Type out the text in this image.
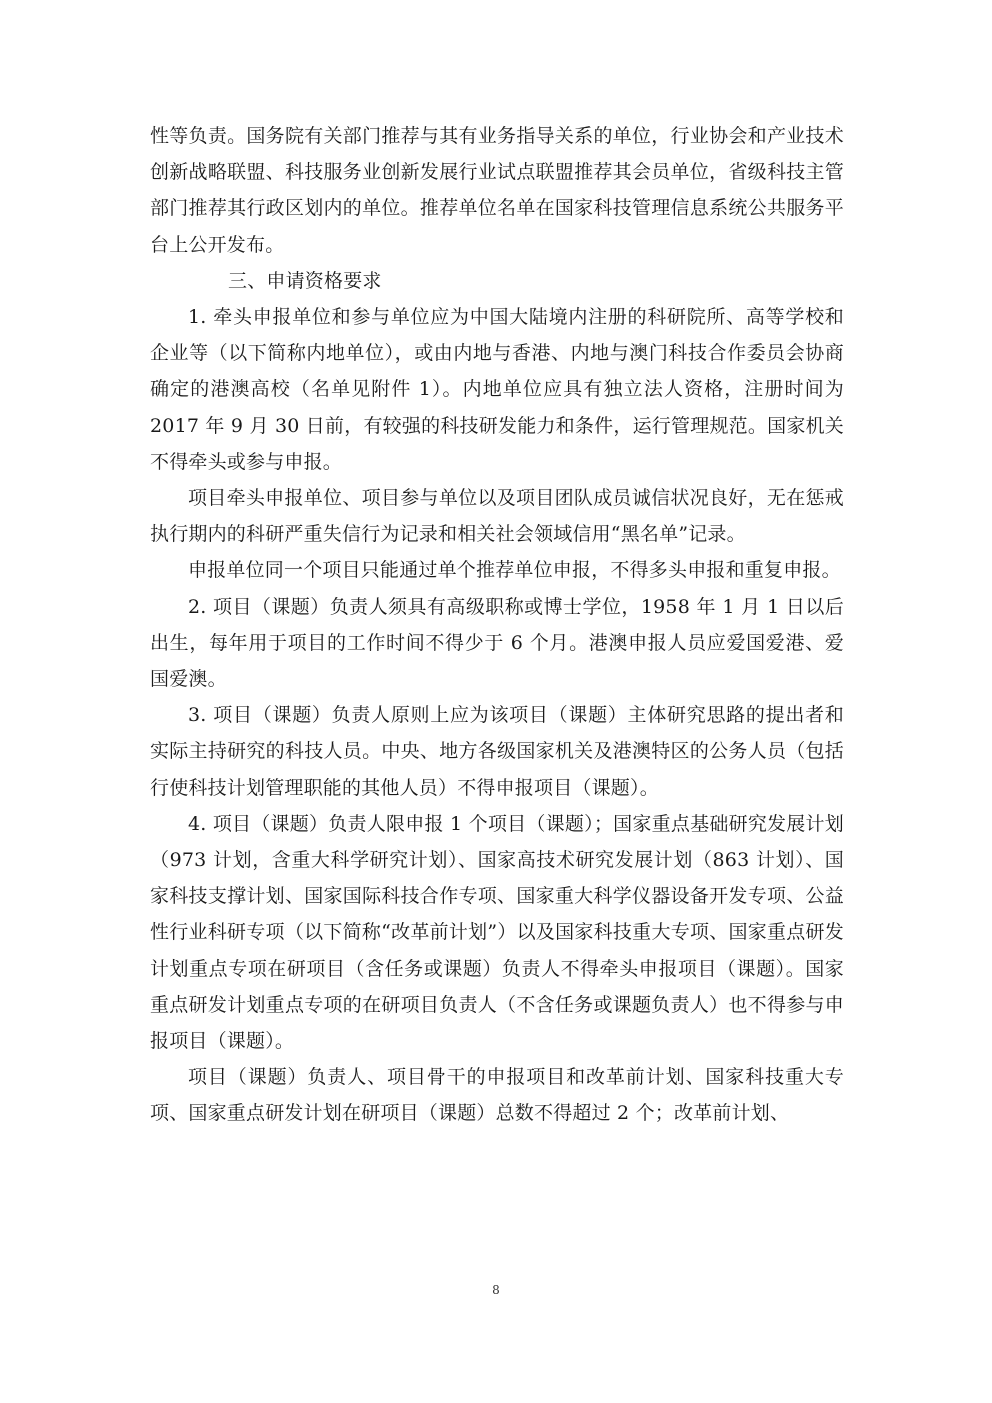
性等负责。国务院有关部门推荐与其有业务指导关系的单位，行业协会和产业技术创新战略联盟、科技服务业创新发展行业试点联盟推荐其会员单位，省级科技主管部门推荐其行政区划内的单位。推荐单位名单在国家科技管理信息系统公共服务平台上公开发布。

三、申请资格要求

1. 牵头申报单位和参与单位应为中国大陆境内注册的科研院所、高等学校和企业等（以下简称内地单位），或由内地与香港、内地与澳门科技合作委员会协商确定的港澳高校（名单见附件 1）。内地单位应具有独立法人资格，注册时间为 2017 年 9 月 30 日前，有较强的科技研发能力和条件，运行管理规范。国家机关不得牵头或参与申报。

项目牵头申报单位、项目参与单位以及项目团队成员诚信状况良好，无在惩戒执行期内的科研严重失信行为记录和相关社会领域信用“黑名单”记录。

申报单位同一个项目只能通过单个推荐单位申报，不得多头申报和重复申报。

2. 项目（课题）负责人须具有高级职称或博士学位，1958 年 1 月 1 日以后出生，每年用于项目的工作时间不得少于 6 个月。港澳申报人员应爱国爱港、爱国爱澳。

3. 项目（课题）负责人原则上应为该项目（课题）主体研究思路的提出者和实际主持研究的科技人员。中央、地方各级国家机关及港澳特区的公务人员（包括行使科技计划管理职能的其他人员）不得申报项目（课题）。

4. 项目（课题）负责人限申报 1 个项目（课题）；国家重点基础研究发展计划（973 计划，含重大科学研究计划）、国家高技术研究发展计划（863 计划）、国家科技支撑计划、国家国际科技合作专项、国家重大科学仪器设备开发专项、公益性行业科研专项（以下简称“改革前计划”）以及国家科技重大专项、国家重点研发计划重点专项在研项目（含任务或课题）负责人不得牵头申报项目（课题）。国家重点研发计划重点专项的在研项目负责人（不含任务或课题负责人）也不得参与申报项目（课题）。

项目（课题）负责人、项目骨干的申报项目和改革前计划、国家科技重大专项、国家重点研发计划在研项目（课题）总数不得超过 2 个；改革前计划、

8
